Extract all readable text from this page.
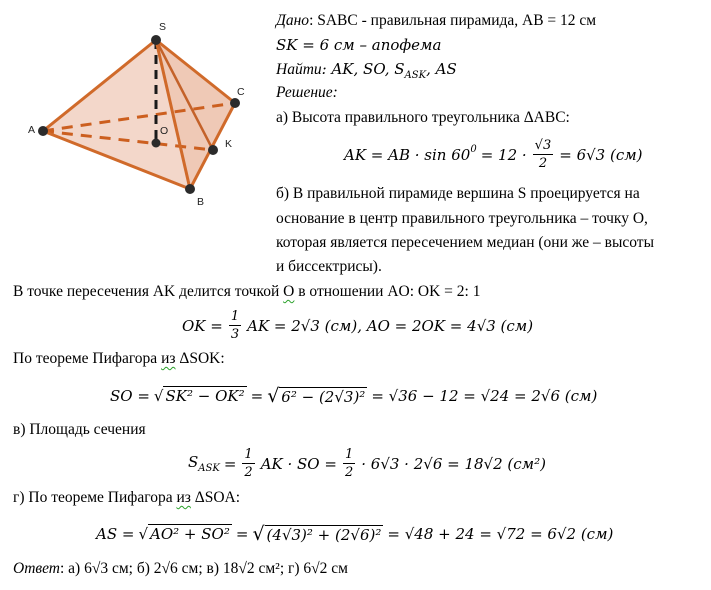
S
A
B
C
O
K
Дано: SABC - правильная пирамида, AB = 12 см
SK = 6 см – апофема
Найти: AK, SO, $S_{ASK}$, AS
Решение:
а) Высота правильного треугольника ΔABC:
AK = AB · sin 60 $0 = 12 \cdot \frac{√3}{2} = 6√3$ (см)
б) В правильной пирамиде вершина S проецируется на
основание в центр правильного треугольника – точку O,
которая является пересечением медиан (они же – высоты
и биссектрисы).
В точке пересечения AK делится точкой O в отношении AO: OK = 2: 1
OK = $\frac{1}{3}$ AK = 2√3 (см), AO = 2OK = 4√3 (см)
По теореме Пифагора из ΔSOK:
SO = √ SK² − OK² = √ 6² − (2√3)² = √36 − 12 = √24 = 2√6 (см)
в) Площадь сечения
$S_{ASK} = \frac{1}{2}$ AK · SO = $\frac{1}{2} \cdot 6√3 \cdot 2√6 = 18√2$ (см²)
г) По теореме Пифагора из ΔSOA:
AS = √ AO² + SO² = √ (4√3)² + (2√6)² = √48 + 24 = √72 = 6√2 (см)
Ответ: а) 6√3 см; б) 2√6 см; в) 18√2 см²; г) 6√2 см
